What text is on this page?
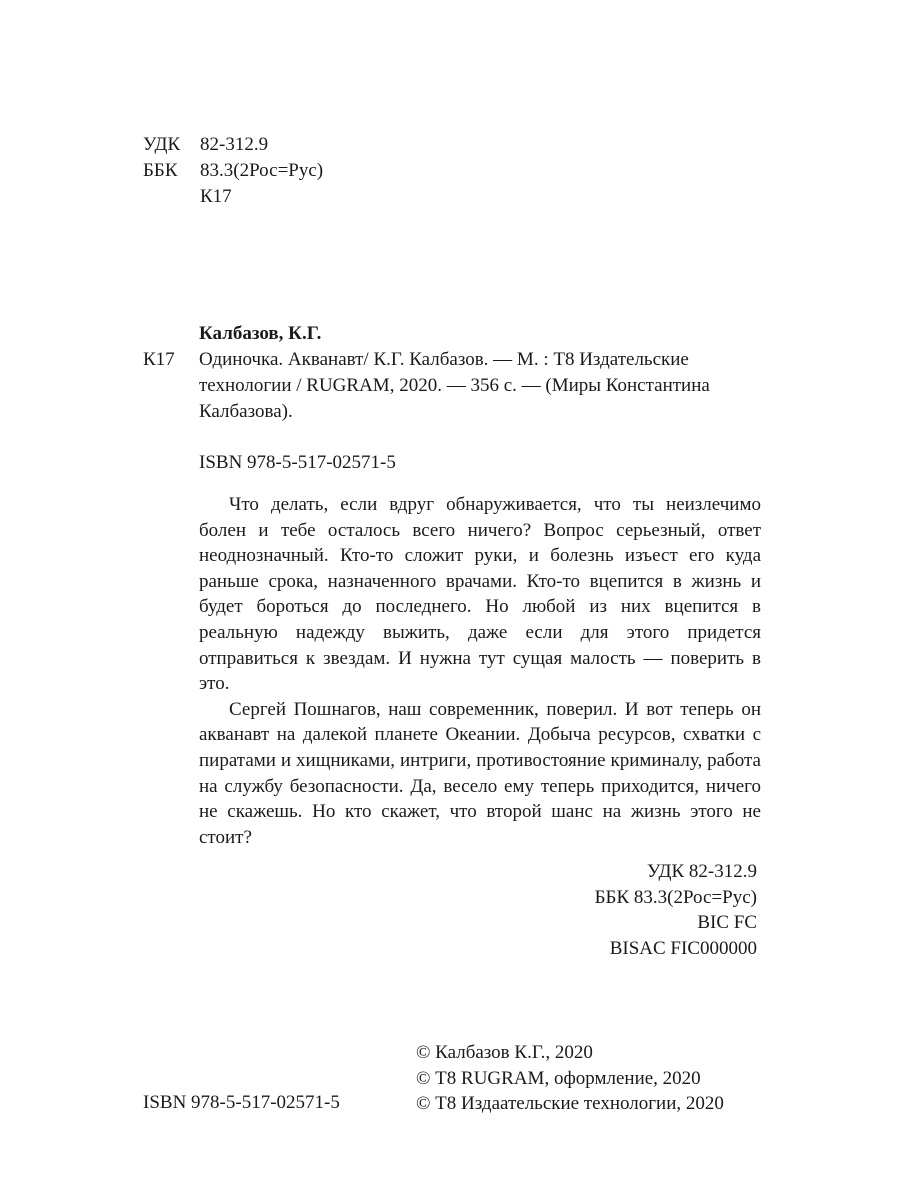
УДК	82-312.9
ББК	83.3(2Рос=Рус)
К17
Калбазов, К.Г.
К17 Одиночка. Акванавт/ К.Г. Калбазов. — М. : Т8 Издательские технологии / RUGRAM, 2020. — 356 с. — (Миры Константина Калбазова).
ISBN 978-5-517-02571-5

Что делать, если вдруг обнаруживается, что ты неизлечимо болен и тебе осталось всего ничего? Вопрос серьезный, ответ неоднозначный. Кто-то сложит руки, и болезнь изъест его куда раньше срока, назначенного врачами. Кто-то вцепится в жизнь и будет бороться до последнего. Но любой из них вцепится в реальную надежду выжить, даже если для этого придется отправиться к звездам. И нужна тут сущая малость — поверить в это.

Сергей Пошнагов, наш современник, поверил. И вот теперь он акванавт на далекой планете Океании. Добыча ресурсов, схватки с пиратами и хищниками, интриги, противостояние криминалу, работа на службу безопасности. Да, весело ему теперь приходится, ничего не скажешь. Но кто скажет, что второй шанс на жизнь этого не стоит?

УДК 82-312.9
ББК 83.3(2Рос=Рус)
BIC FC
BISAC FIC000000
ISBN 978-5-517-02571-5
© Калбазов К.Г., 2020
© Т8 RUGRAM, оформление, 2020
© Т8 Издаательские технологии, 2020
